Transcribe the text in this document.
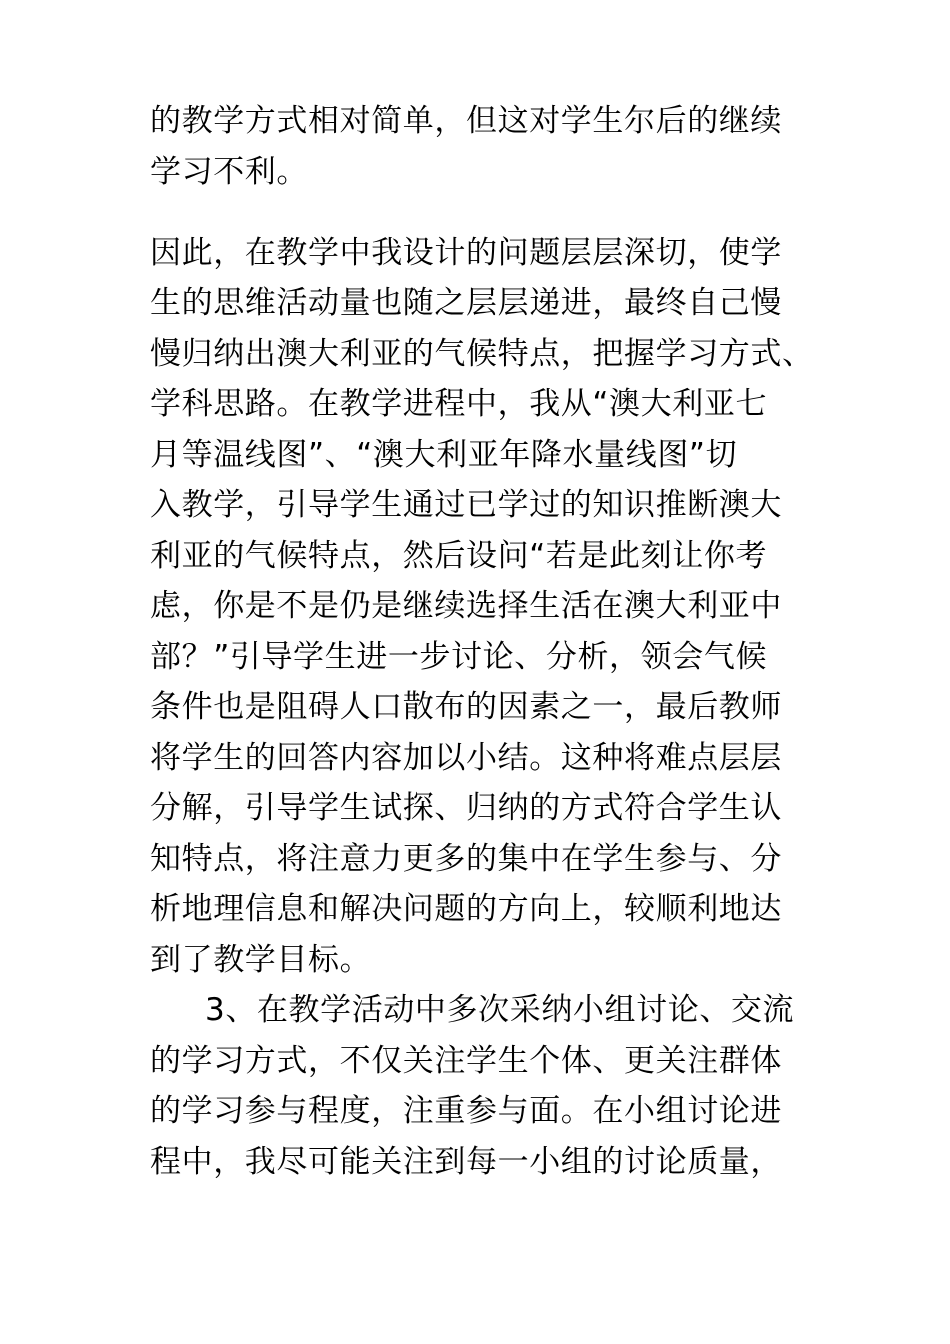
的教学方式相对简单，但这对学生尔后的继续

学习不利。

因此，在教学中我设计的问题层层深切，使学

生的思维活动量也随之层层递进，最终自己慢

慢归纳出澳大利亚的气候特点，把握学习方式、

学科思路。在教学进程中，我从“澳大利亚七

月等温线图”、“澳大利亚年降水量线图”切

入教学，引导学生通过已学过的知识推断澳大

利亚的气候特点，然后设问“若是此刻让你考

虑，你是不是仍是继续选择生活在澳大利亚中

部？”引导学生进一步讨论、分析，领会气候

条件也是阻碍人口散布的因素之一，最后教师

将学生的回答内容加以小结。这种将难点层层

分解，引导学生试探、归纳的方式符合学生认

知特点，将注意力更多的集中在学生参与、分

析地理信息和解决问题的方向上，较顺利地达

到了教学目标。

3、在教学活动中多次采纳小组讨论、交流

的学习方式，不仅关注学生个体、更关注群体

的学习参与程度，注重参与面。在小组讨论进

程中，我尽可能关注到每一小组的讨论质量，
